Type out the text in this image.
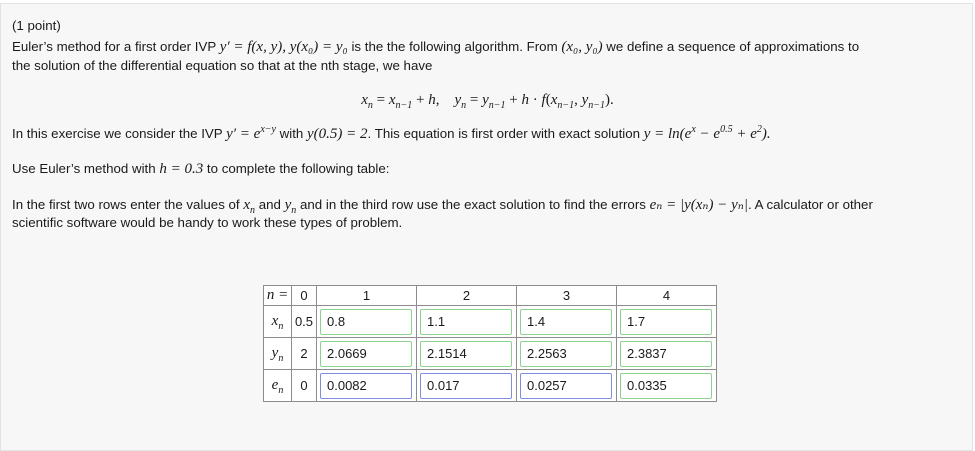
(1 point)
Euler’s method for a first order IVP y′ = f(x, y), y(x₀) = y₀ is the the following algorithm. From (x₀, y₀) we define a sequence of approximations to
the solution of the differential equation so that at the nth stage, we have
$x_n = x_{n-1} + h$,    $y_n = y_{n-1} + h \cdot f(x_{n-1}$, $y_{n-1}$).
In this exercise we consider the IVP $y' = e^{x-y}$ with y(0.5) = 2. This equation is first order with exact solution $y = \ln(e^x - e^{0.5} + e^2)$.
Use Euler’s method with h = 0.3 to complete the following table:
In the first two rows enter the values of $x_n$ and $y_n$ and in the third row use the exact solution to find the errors eₙ = |y(xₙ) − yₙ|. A calculator or other
scientific software would be handy to work these types of problem.
n =	0	1	2	3	4
$x_n$	0.5	0.8	1.1	1.4	1.7

$y_n$	2	2.0669	2.1514	2.2563	2.3837

$e_n$	0	0.0082	0.017	0.0257	0.0335
